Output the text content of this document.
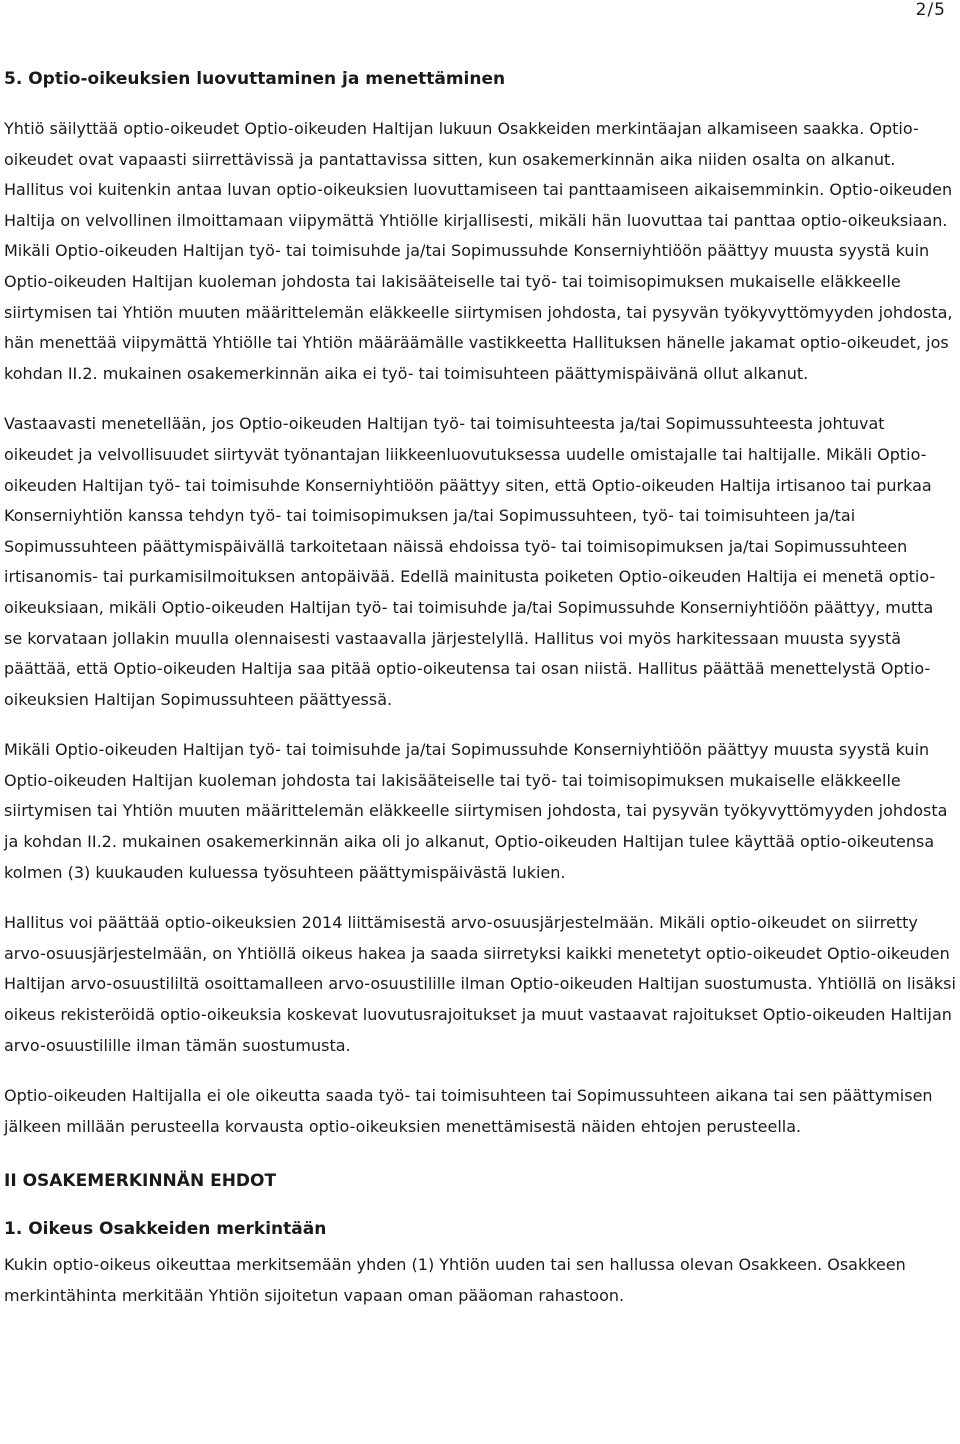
2/5
5. Optio-oikeuksien luovuttaminen ja menettäminen

Yhtiö säilyttää optio-oikeudet Optio-oikeuden Haltijan lukuun Osakkeiden merkintäajan alkamiseen saakka. Optio-oikeudet ovat vapaasti siirrettävissä ja pantattavissa sitten, kun osakemerkinnän aika niiden osalta on alkanut. Hallitus voi kuitenkin antaa luvan optio-oikeuksien luovuttamiseen tai panttaamiseen aikaisemminkin. Optio-oikeuden Haltija on velvollinen ilmoittamaan viipymättä Yhtiölle kirjallisesti, mikäli hän luovuttaa tai panttaa optio-oikeuksiaan. Mikäli Optio-oikeuden Haltijan työ- tai toimisuhde ja/tai Sopimussuhde Konserniyhtiöön päättyy muusta syystä kuin Optio-oikeuden Haltijan kuoleman johdosta tai lakisääteiselle tai työ- tai toimisopimuksen mukaiselle eläkkeelle siirtymisen tai Yhtiön muuten määrittelemän eläkkeelle siirtymisen johdosta, tai pysyvän työkyvyttömyyden johdosta, hän menettää viipymättä Yhtiölle tai Yhtiön määräämälle vastikkeetta Hallituksen hänelle jakamat optio-oikeudet, jos kohdan II.2. mukainen osakemerkinnän aika ei työ- tai toimisuhteen päättymispäivänä ollut alkanut.

Vastaavasti menetellään, jos Optio-oikeuden Haltijan työ- tai toimisuhteesta ja/tai Sopimussuhteesta johtuvat oikeudet ja velvollisuudet siirtyvät työnantajan liikkeenluovutuksessa uudelle omistajalle tai haltijalle. Mikäli Optio-oikeuden Haltijan työ- tai toimisuhde Konserniyhtiöön päättyy siten, että Optio-oikeuden Haltija irtisanoo tai purkaa Konserniyhtiön kanssa tehdyn työ- tai toimisopimuksen ja/tai Sopimussuhteen, työ- tai toimisuhteen ja/tai Sopimussuhteen päättymispäivällä tarkoitetaan näissä ehdoissa työ- tai toimisopimuksen ja/tai Sopimussuhteen irtisanomis- tai purkamisilmoituksen antopäivää. Edellä mainitusta poiketen Optio-oikeuden Haltija ei menetä optio-oikeuksiaan, mikäli Optio-oikeuden Haltijan työ- tai toimisuhde ja/tai Sopimussuhde Konserniyhtiöön päättyy, mutta se korvataan jollakin muulla olennaisesti vastaavalla järjestelyllä. Hallitus voi myös harkitessaan muusta syystä päättää, että Optio-oikeuden Haltija saa pitää optio-oikeutensa tai osan niistä. Hallitus päättää menettelystä Optio-oikeuksien Haltijan Sopimussuhteen päättyessä.

Mikäli Optio-oikeuden Haltijan työ- tai toimisuhde ja/tai Sopimussuhde Konserniyhtiöön päättyy muusta syystä kuin Optio-oikeuden Haltijan kuoleman johdosta tai lakisääteiselle tai työ- tai toimisopimuksen mukaiselle eläkkeelle siirtymisen tai Yhtiön muuten määrittelemän eläkkeelle siirtymisen johdosta, tai pysyvän työkyvyttömyyden johdosta ja kohdan II.2. mukainen osakemerkinnän aika oli jo alkanut, Optio-oikeuden Haltijan tulee käyttää optio-oikeutensa kolmen (3) kuukauden kuluessa työsuhteen päättymispäivästä lukien.

Hallitus voi päättää optio-oikeuksien 2014 liittämisestä arvo-osuusjärjestelmään. Mikäli optio-oikeudet on siirretty arvo-osuusjärjestelmään, on Yhtiöllä oikeus hakea ja saada siirretyksi kaikki menetetyt optio-oikeudet Optio-oikeuden Haltijan arvo-osuustililtä osoittamalleen arvo-osuustilille ilman Optio-oikeuden Haltijan suostumusta. Yhtiöllä on lisäksi oikeus rekisteröidä optio-oikeuksia koskevat luovutusrajoitukset ja muut vastaavat rajoitukset Optio-oikeuden Haltijan arvo-osuustilille ilman tämän suostumusta.

Optio-oikeuden Haltijalla ei ole oikeutta saada työ- tai toimisuhteen tai Sopimussuhteen aikana tai sen päättymisen jälkeen millään perusteella korvausta optio-oikeuksien menettämisestä näiden ehtojen perusteella.

II OSAKEMERKINNÄN EHDOT
1. Oikeus Osakkeiden merkintään

Kukin optio-oikeus oikeuttaa merkitsemään yhden (1) Yhtiön uuden tai sen hallussa olevan Osakkeen. Osakkeen merkintähinta merkitään Yhtiön sijoitetun vapaan oman pääoman rahastoon.
